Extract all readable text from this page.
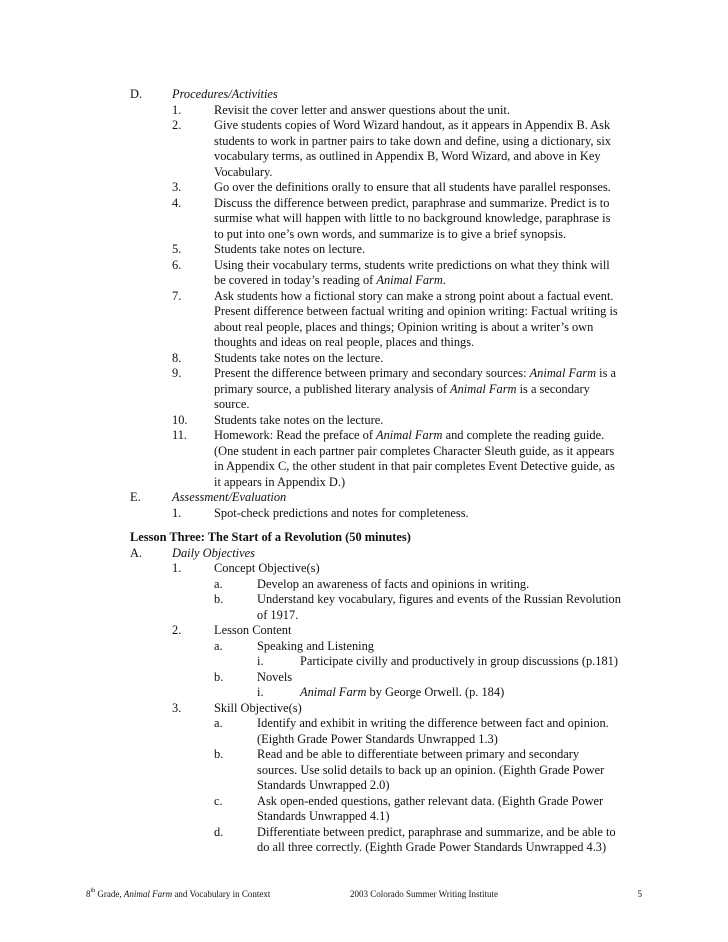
D. Procedures/Activities
1.	Revisit the cover letter and answer questions about the unit.
2.	Give students copies of Word Wizard handout, as it appears in Appendix B. Ask
students to work in partner pairs to take down and define, using a dictionary, six
vocabulary terms, as outlined in Appendix B, Word Wizard, and above in Key
Vocabulary.
3.	Go over the definitions orally to ensure that all students have parallel responses.
4.	Discuss the difference between predict, paraphrase and summarize. Predict is to
surmise what will happen with little to no background knowledge, paraphrase is
to put into one’s own words, and summarize is to give a brief synopsis.
5.	Students take notes on lecture.
6.	Using their vocabulary terms, students write predictions on what they think will
be covered in today’s reading of Animal Farm.
7.	Ask students how a fictional story can make a strong point about a factual event.
Present difference between factual writing and opinion writing: Factual writing is
about real people, places and things; Opinion writing is about a writer’s own
thoughts and ideas on real people, places and things.
8.	Students take notes on the lecture.
9.	Present the difference between primary and secondary sources: Animal Farm is a
primary source, a published literary analysis of Animal Farm is a secondary
source.
10. Students take notes on the lecture.
11. Homework: Read the preface of Animal Farm and complete the reading guide.
(One student in each partner pair completes Character Sleuth guide, as it appears
in Appendix C, the other student in that pair completes Event Detective guide, as
it appears in Appendix D.)
E.	Assessment/Evaluation
1.	Spot-check predictions and notes for completeness.
Lesson Three: The Start of a Revolution (50 minutes)
A. Daily Objectives
1.	Concept Objective(s)
a.	Develop an awareness of facts and opinions in writing.
b.	Understand key vocabulary, figures and events of the Russian Revolution
of 1917.
2.	Lesson Content
a.	Speaking and Listening
i.	Participate civilly and productively in group discussions (p.181)
b.	Novels
i.	Animal Farm by George Orwell. (p. 184)
3.	Skill Objective(s)
a.	Identify and exhibit in writing the difference between fact and opinion.
(Eighth Grade Power Standards Unwrapped 1.3)
b.	Read and be able to differentiate between primary and secondary
sources. Use solid details to back up an opinion. (Eighth Grade Power
Standards Unwrapped 2.0)
c.	Ask open-ended questions, gather relevant data. (Eighth Grade Power
Standards Unwrapped 4.1)
d.	Differentiate between predict, paraphrase and summarize, and be able to
do all three correctly. (Eighth Grade Power Standards Unwrapped 4.3)
8th Grade, Animal Farm and Vocabulary in Context	2003 Colorado Summer Writing Institute	5
